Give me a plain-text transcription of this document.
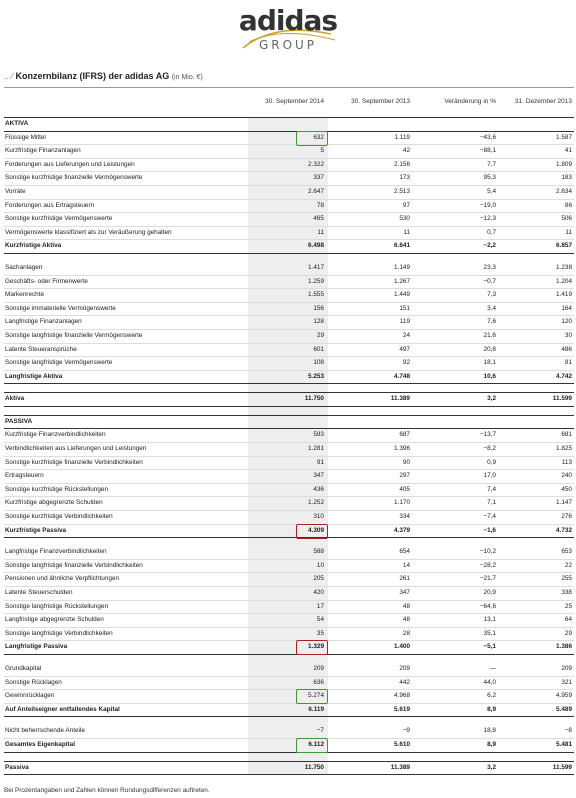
adidas
GROUP
.. ∕ Konzernbilanz (IFRS) der adidas AG (in Mio. €)
30. September 2014	30. September 2013	Veränderung in %	31. Dezember 2013
AKTIVA
Flüssige Mittel	632	1.119	−43,6	1.587
Kurzfristige Finanzanlagen	5	42	−88,1	41
Forderungen aus Lieferungen und Leistungen	2.322	2.156	7,7	1.809
Sonstige kurzfristige finanzielle Vermögenswerte	337	173	95,3	183
Vorräte	2.647	2.513	5,4	2.634
Forderungen aus Ertragsteuern	78	97	−19,0	86
Sonstige kurzfristige Vermögenswerte	465	530	−12,3	506
Vermögenswerte klassifiziert als zur Veräußerung gehalten	11	11	0,7	11
Kurzfristige Aktiva	6.498	6.641	−2,2	6.857
Sachanlagen	1.417	1.149	23,3	1.238
Geschäfts- oder Firmenwerte	1.259	1.267	−0,7	1.204
Markenrechte	1.555	1.449	7,3	1.419
Sonstige immaterielle Vermögenswerte	156	151	3,4	164
Langfristige Finanzanlagen	128	119	7,6	120
Sonstige langfristige finanzielle Vermögenswerte	29	24	21,6	30
Latente Steueransprüche	601	497	20,8	486
Sonstige langfristige Vermögenswerte	108	92	18,1	81
Langfristige Aktiva	5.253	4.748	10,6	4.742
Aktiva	11.750	11.389	3,2	11.599
PASSIVA
Kurzfristige Finanzverbindlichkeiten	593	687	−13,7	681
Verbindlichkeiten aus Lieferungen und Leistungen	1.281	1.396	−8,2	1.825
Sonstige kurzfristige finanzielle Verbindlichkeiten	91	90	0,9	113
Ertragsteuern	347	297	17,0	240
Sonstige kurzfristige Rückstellungen	436	405	7,4	450
Kurzfristige abgegrenzte Schulden	1.252	1.170	7,1	1.147
Sonstige kurzfristige Verbindlichkeiten	310	334	−7,4	276
Kurzfristige Passiva	4.309	4.379	−1,6	4.732
Langfristige Finanzverbindlichkeiten	588	654	−10,2	653
Sonstige langfristige finanzielle Verbindlichkeiten	10	14	−28,2	22
Pensionen und ähnliche Verpflichtungen	205	261	−21,7	255
Latente Steuerschulden	420	347	20,9	338
Sonstige langfristige Rückstellungen	17	48	−64,6	25
Langfristige abgegrenzte Schulden	54	48	13,1	64
Sonstige langfristige Verbindlichkeiten	35	28	35,1	29
Langfristige Passiva	1.329	1.400	−5,1	1.386
Grundkapital	209	209	—	209
Sonstige Rücklagen	636	442	44,0	321
Gewinnrücklagen	5.274	4.968	6,2	4.959
Auf Anteilseigner entfallendes Kapital	6.119	5.619	8,9	5.489
Nicht beherrschende Anteile	−7	−9	18,8	−8
Gesamtes Eigenkapital	6.112	5.610	8,9	5.481
Passiva	11.750	11.389	3,2	11.599
Bei Prozentangaben und Zahlen können Rundungsdifferenzen auftreten.
